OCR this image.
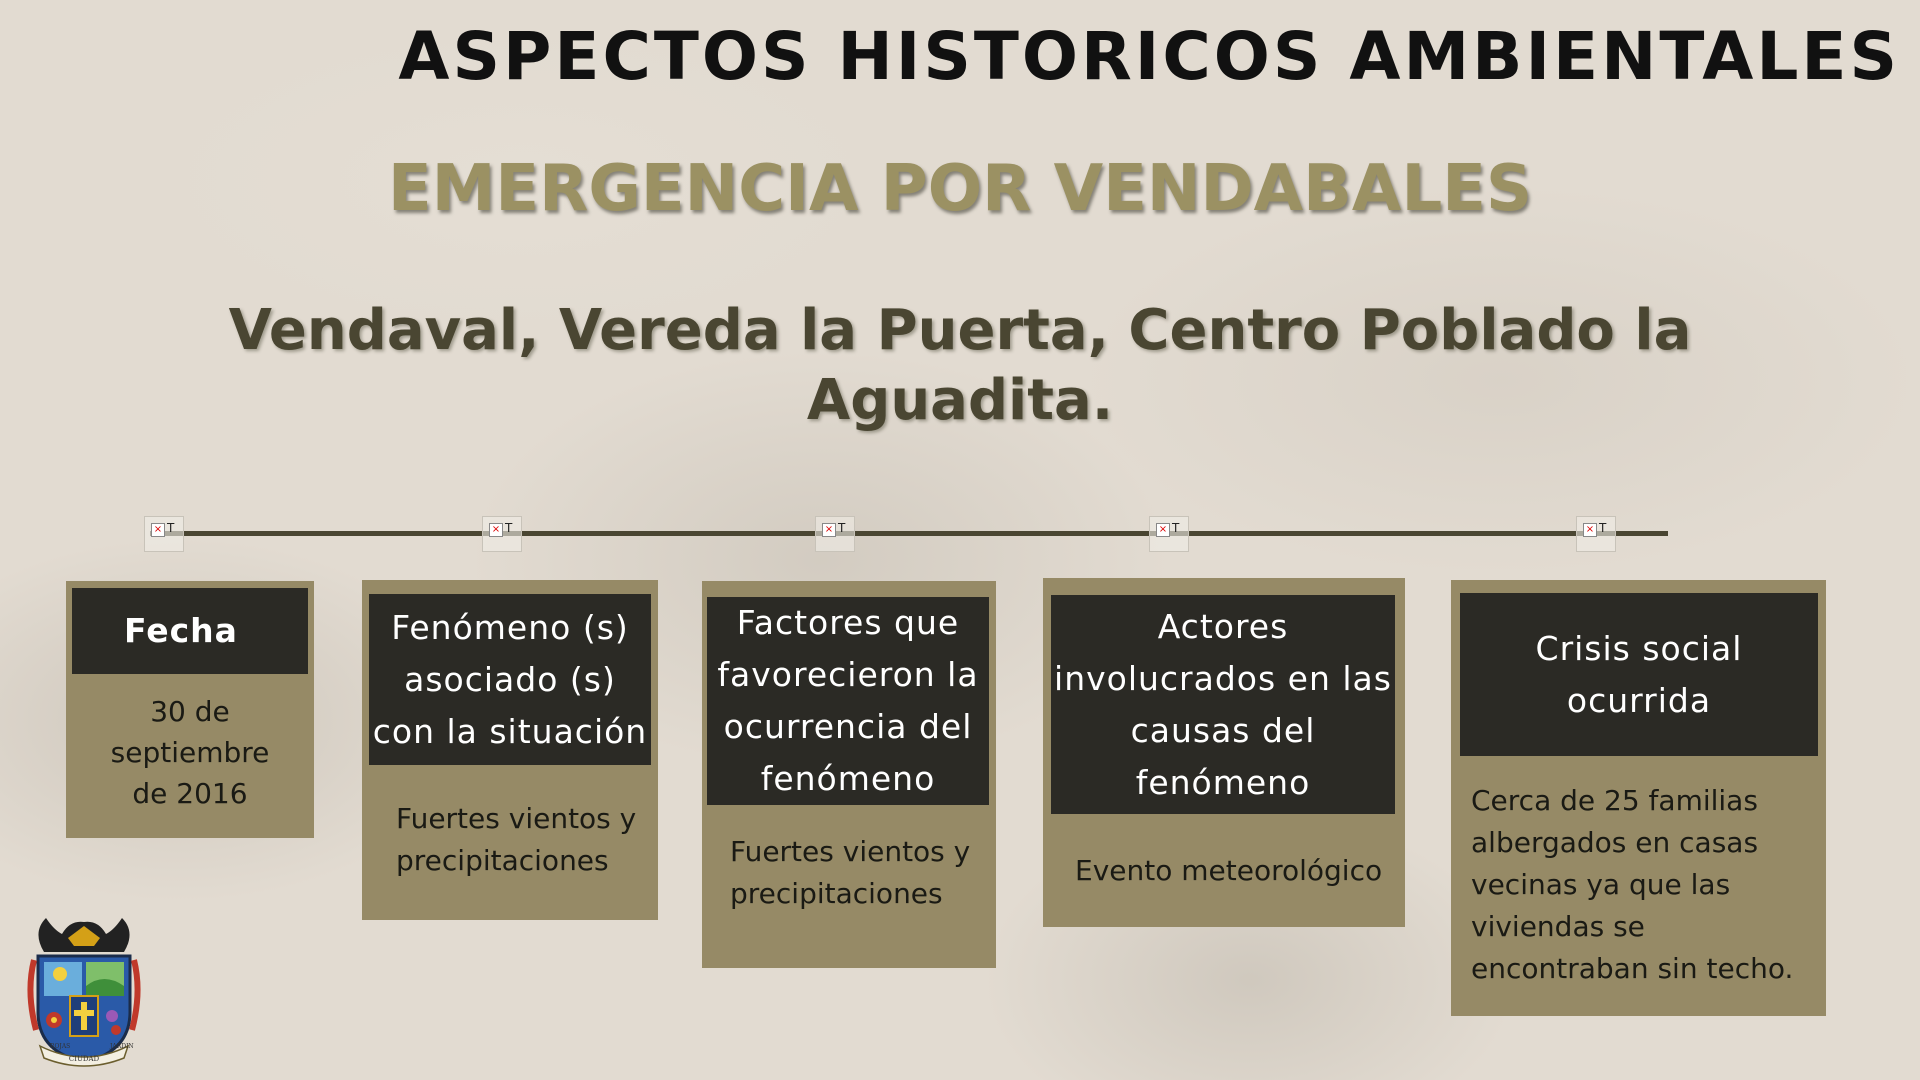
ASPECTOS HISTORICOS AMBIENTALES
EMERGENCIA POR VENDABALES
Vendaval, Vereda la Puerta, Centro Poblado la Aguadita.
× T	× T	× T	× T	× T
Fecha
30 de septiembre de 2016
Fenómeno (s) asociado (s) con la situación
Fuertes vientos y precipitaciones
Factores que favorecieron la ocurrencia del fenómeno
Fuertes vientos y precipitaciones
Actores involucrados en las causas del fenómeno
Evento meteorológico
Crisis social ocurrida
Cerca de 25 familias albergados en casas vecinas ya que las viviendas se encontraban sin techo.
CIUDAD
ROJAS	JARDIN
